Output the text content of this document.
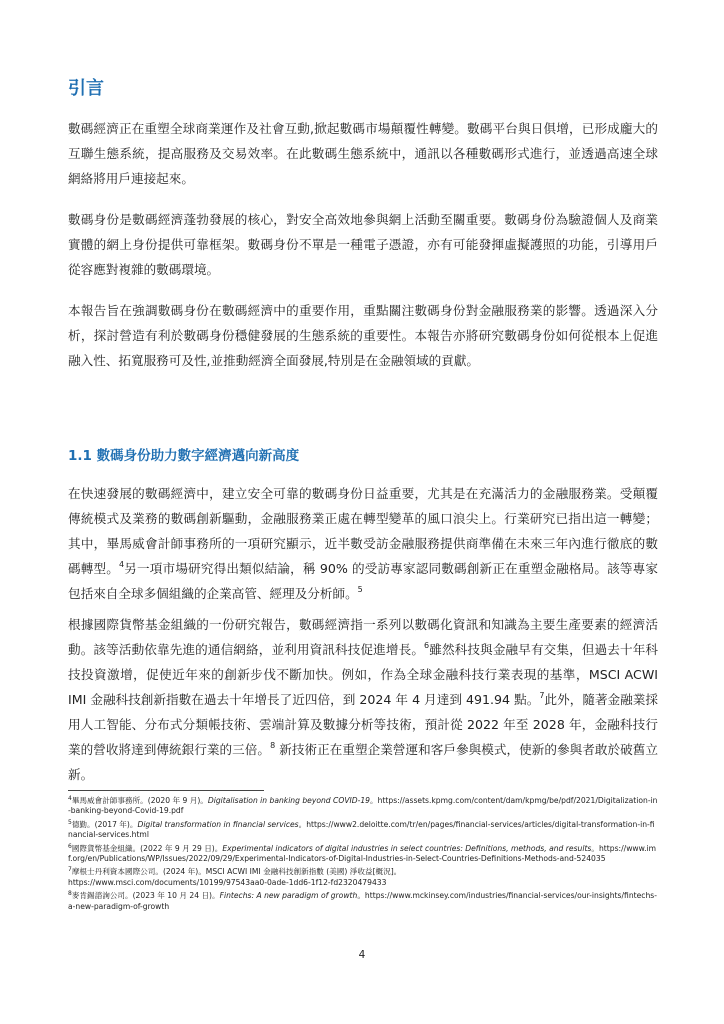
引言

數碼經濟正在重塑全球商業運作及社會互動,掀起數碼市場顛覆性轉變。數碼平台與日俱增，已形成龐大的互聯生態系統，提高服務及交易效率。在此數碼生態系統中，通訊以各種數碼形式進行，並透過高速全球網絡將用戶連接起來。

數碼身份是數碼經濟蓬勃發展的核心，對安全高效地參與網上活動至關重要。數碼身份為驗證個人及商業實體的網上身份提供可靠框架。數碼身份不單是一種電子憑證，亦有可能發揮虛擬護照的功能，引導用戶從容應對複雜的數碼環境。

本報告旨在強調數碼身份在數碼經濟中的重要作用，重點關注數碼身份對金融服務業的影響。透過深入分析，探討營造有利於數碼身份穩健發展的生態系統的重要性。本報告亦將研究數碼身份如何從根本上促進融入性、拓寬服務可及性,並推動經濟全面發展,特別是在金融領域的貢獻。

1.1 數碼身份助力數字經濟邁向新高度

在快速發展的數碼經濟中，建立安全可靠的數碼身份日益重要，尤其是在充滿活力的金融服務業。受顛覆傳統模式及業務的數碼創新驅動，金融服務業正處在轉型變革的風口浪尖上。行業研究已指出這一轉變；其中，畢馬威會計師事務所的一項研究顯示，近半數受訪金融服務提供商準備在未來三年內進行徹底的數碼轉型。$^4$另一項市場研究得出類似結論，稱 90% 的受訪專家認同數碼創新正在重塑金融格局。該等專家包括來自全球多個組織的企業高管、經理及分析師。$^5$

根據國際貨幣基金組織的一份研究報告，數碼經濟指一系列以數碼化資訊和知識為主要生產要素的經濟活動。該等活動依靠先進的通信網絡，並利用資訊科技促進增長。$^6$雖然科技與金融早有交集，但過去十年科技投資激增，促使近年來的創新步伐不斷加快。例如，作為全球金融科技行業表現的基準，MSCI ACWI IMI 金融科技創新指數在過去十年增長了近四倍，到 2024 年 4 月達到 491.94 點。$^7$此外，隨著金融業採用人工智能、分布式分類帳技術、雲端計算及數據分析等技術，預計從 2022 年至 2028 年，金融科技行業的營收將達到傳統銀行業的三倍。$^8$ 新技術正在重塑企業營運和客戶參與模式，使新的參與者敢於破舊立新。

$^4$畢馬威會計師事務所。(2020 年 9 月)。Digitalisation in banking beyond COVID-19。https://assets.kpmg.com/content/dam/kpmg/be/pdf/2021/Digitalization-in-banking-beyond-Covid-19.pdf

$^5$德勤。(2017 年)。Digital transformation in financial services。https://www2.deloitte.com/tr/en/pages/financial-services/articles/digital-transformation-in-financial-services.html

$^6$國際貨幣基金組織。(2022 年 9 月 29 日)。Experimental indicators of digital industries in select countries: Definitions, methods, and results。https://www.imf.org/en/Publications/WP/Issues/2022/09/29/Experimental-Indicators-of-Digital-Industries-in-Select-Countries-Definitions-Methods-and-524035

$^7$摩根士丹利資本國際公司。(2024 年)。MSCI ACWI IMI 金融科技創新指數 (美國) 淨收益[概況]。
https://www.msci.com/documents/10199/97543aa0-0ade-1dd6-1f12-fd2320479433

$^8$麥肯錫諮詢公司。(2023 年 10 月 24 日)。Fintechs: A new paradigm of growth。https://www.mckinsey.com/industries/financial-services/our-insights/fintechs-a-new-paradigm-of-growth

4
